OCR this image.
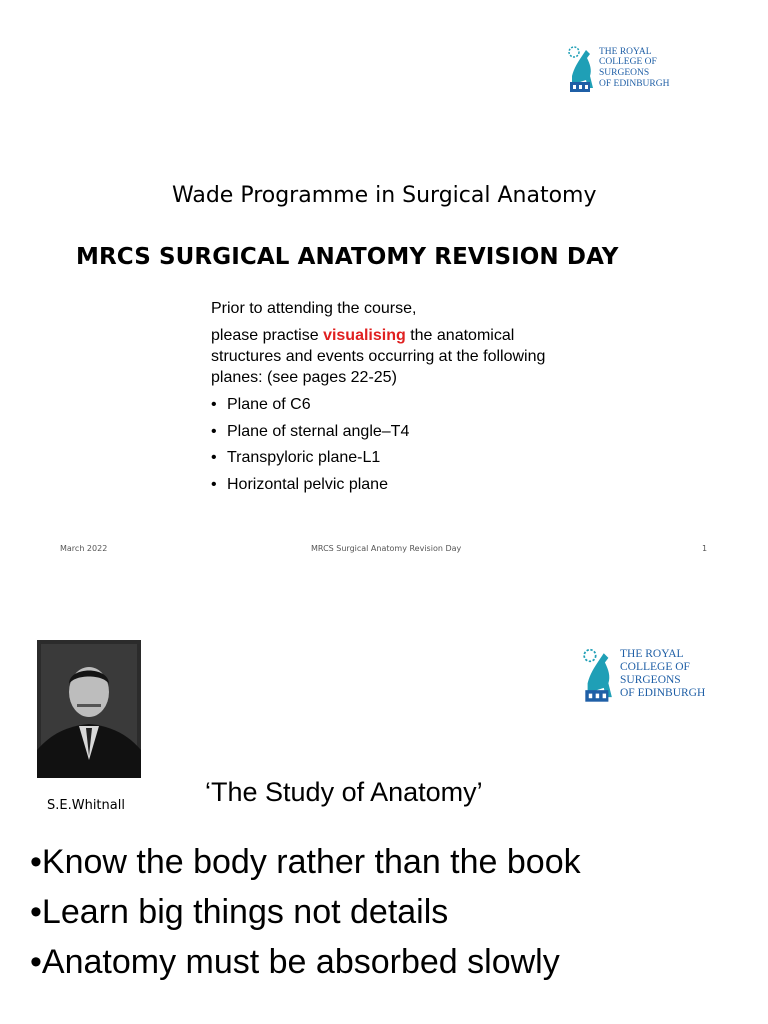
THE ROYAL
COLLEGE OF
SURGEONS
OF EDINBURGH
Wade Programme in Surgical Anatomy
MRCS SURGICAL ANATOMY REVISION DAY
Prior to attending the course,
please practise visualising the anatomical structures and events occurring at the following planes: (see pages 22-25)
• Plane of C6
• Plane of sternal angle–T4
• Transpyloric plane-L1
• Horizontal pelvic plane
March 2022	MRCS Surgical Anatomy Revision Day	1
S.E.Whitnall
THE ROYAL
COLLEGE OF
SURGEONS
OF EDINBURGH
‘The Study of Anatomy’
•Know the body rather than the book
•Learn big things not details
•Anatomy must be absorbed slowly
